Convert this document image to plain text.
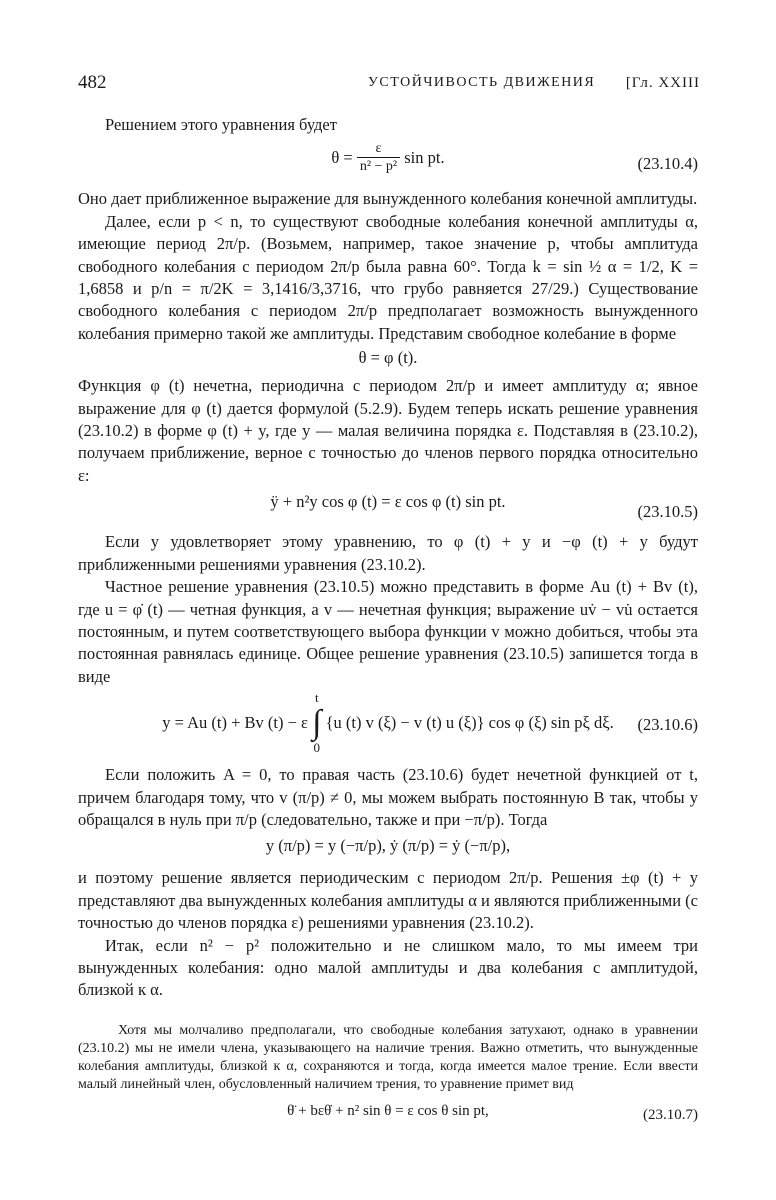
482	УСТОЙЧИВОСТЬ ДВИЖЕНИЯ [Гл. XXIII

Решением этого уравнения будет

$\theta = \frac{\varepsilon}{\text{n² − p²}}$ sin pt.	(23.10.4)

Оно дает приближенное выражение для вынужденного колебания конечной амплитуды.

Далее, если p < n, то существуют свободные колебания конечной амплитуды α, имеющие период 2π/p. (Возьмем, например, такое значение p, чтобы амплитуда свободного колебания с периодом 2π/p была равна 60°. Тогда k = sin ½ α = 1/2, K = 1,6858 и p/n = π/2K = 3,1416/3,3716, что грубо равняется 27/29.) Существование свободного колебания с периодом 2π/p предполагает возможность вынужденного колебания примерно такой же амплитуды. Представим свободное колебание в форме

θ = φ (t).

Функция φ (t) нечетна, периодична с периодом 2π/p и имеет амплитуду α; явное выражение для φ (t) дается формулой (5.2.9). Будем теперь искать решение уравнения (23.10.2) в форме φ (t) + y, где y — малая величина порядка ε. Подставляя в (23.10.2), получаем приближение, верное с точностью до членов первого порядка относительно ε:

ÿ + n²y cos φ (t) = ε cos φ (t) sin pt.
(23.10.5)

Если y удовлетворяет этому уравнению, то φ (t) + y и −φ (t) + y будут приближенными решениями уравнения (23.10.2).

Частное решение уравнения (23.10.5) можно представить в форме Au (t) + Bv (t), где u = φ̇ (t) — четная функция, а v — нечетная функция; выражение uv̇ − vu̇ остается постоянным, и путем соответствующего выбора функции v можно добиться, чтобы эта постоянная равнялась единице. Общее решение уравнения (23.10.5) запишется тогда в виде

y = Au (t) + Bv (t) − ε t
∫
0 {u (t) v (ξ) − v (t) u (ξ)} cos φ (ξ) sin pξ dξ. (23.10.6)

Если положить A = 0, то правая часть (23.10.6) будет нечетной функцией от t, причем благодаря тому, что v (π/p) ≠ 0, мы можем выбрать постоянную B так, чтобы y обращался в нуль при π/p (следовательно, также и при −π/p). Тогда

y (π/p) = y (−π/p), ẏ (π/p) = ẏ (−π/p),

и поэтому решение является периодическим с периодом 2π/p. Решения ±φ (t) + y представляют два вынужденных колебания амплитуды α и являются приближенными (с точностью до членов порядка ε) решениями уравнения (23.10.2).

Итак, если n² − p² положительно и не слишком мало, то мы имеем три вынужденных колебания: одно малой амплитуды и два колебания с амплитудой, близкой к α.

Хотя мы молчаливо предполагали, что свободные колебания затухают, однако в уравнении (23.10.2) мы не имели члена, указывающего на наличие трения. Важно отметить, что вынужденные колебания амплитуды, близкой к α, сохраняются и тогда, когда имеется малое трение. Если ввести малый линейный член, обусловленный наличием трения, то уравнение примет вид

θ̈ + bεθ̇ + n² sin θ = ε cos θ sin pt,	(23.10.7)
